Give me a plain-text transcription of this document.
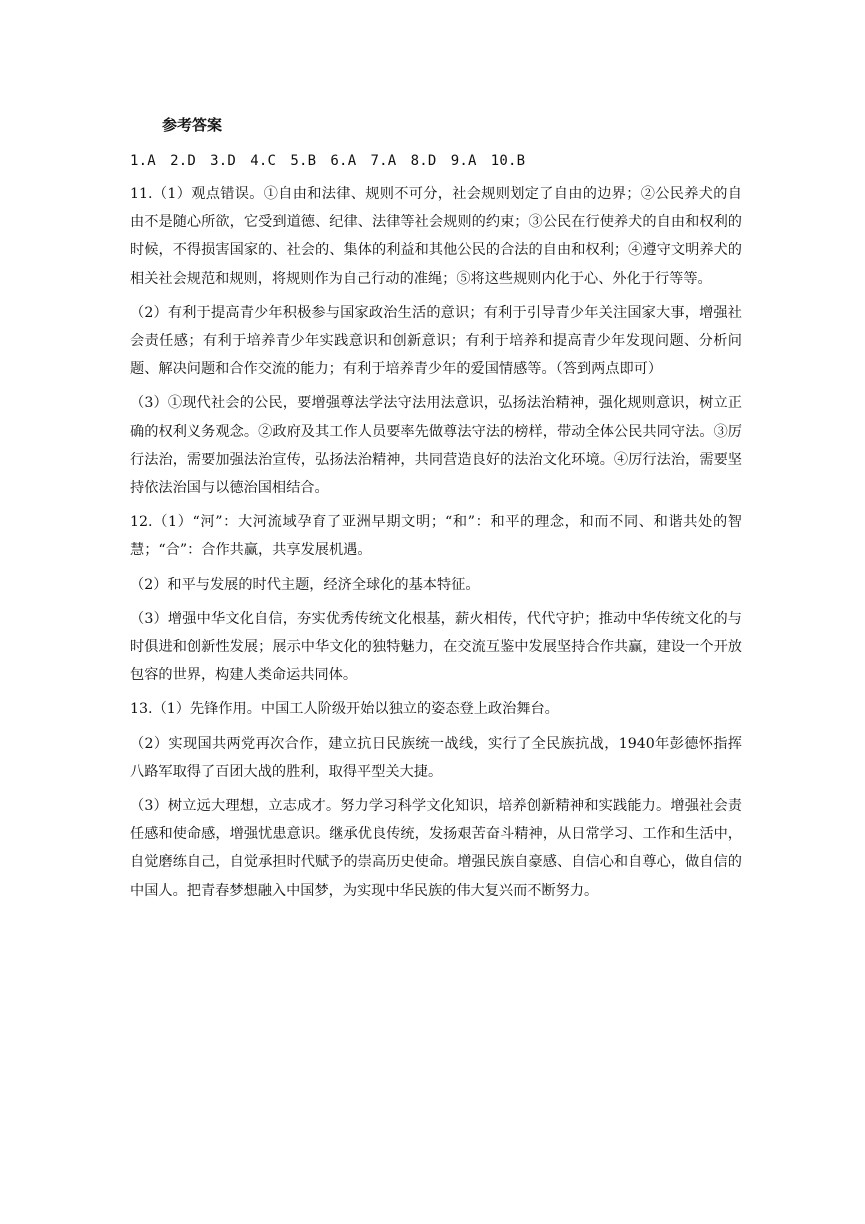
参考答案
1.A　2.D　3.D　4.C　5.B　6.A　7.A　8.D　9.A　10.B
11.（1）观点错误。①自由和法律、规则不可分，社会规则划定了自由的边界；②公民养犬的自由不是随心所欲，它受到道德、纪律、法律等社会规则的约束；③公民在行使养犬的自由和权利的时候，不得损害国家的、社会的、集体的利益和其他公民的合法的自由和权利；④遵守文明养犬的相关社会规范和规则，将规则作为自己行动的准绳；⑤将这些规则内化于心、外化于行等等。
（2）有利于提高青少年积极参与国家政治生活的意识；有利于引导青少年关注国家大事，增强社会责任感；有利于培养青少年实践意识和创新意识；有利于培养和提高青少年发现问题、分析问题、解决问题和合作交流的能力；有利于培养青少年的爱国情感等。（答到两点即可）
（3）①现代社会的公民，要增强尊法学法守法用法意识，弘扬法治精神，强化规则意识，树立正确的权利义务观念。②政府及其工作人员要率先做尊法守法的榜样，带动全体公民共同守法。③厉行法治，需要加强法治宣传，弘扬法治精神，共同营造良好的法治文化环境。④厉行法治，需要坚持依法治国与以德治国相结合。
12.（1）“河”：大河流域孕育了亚洲早期文明；“和”：和平的理念，和而不同、和谐共处的智慧；“合”：合作共赢，共享发展机遇。
（2）和平与发展的时代主题，经济全球化的基本特征。
（3）增强中华文化自信，夯实优秀传统文化根基，薪火相传，代代守护；推动中华传统文化的与时俱进和创新性发展；展示中华文化的独特魅力，在交流互鉴中发展坚持合作共赢，建设一个开放包容的世界，构建人类命运共同体。
13.（1）先锋作用。中国工人阶级开始以独立的姿态登上政治舞台。
（2）实现国共两党再次合作，建立抗日民族统一战线，实行了全民族抗战，1940年彭德怀指挥八路军取得了百团大战的胜利，取得平型关大捷。
（3）树立远大理想，立志成才。努力学习科学文化知识，培养创新精神和实践能力。增强社会责任感和使命感，增强忧患意识。继承优良传统，发扬艰苦奋斗精神，从日常学习、工作和生活中，自觉磨练自己，自觉承担时代赋予的崇高历史使命。增强民族自豪感、自信心和自尊心，做自信的中国人。把青春梦想融入中国梦，为实现中华民族的伟大复兴而不断努力。
